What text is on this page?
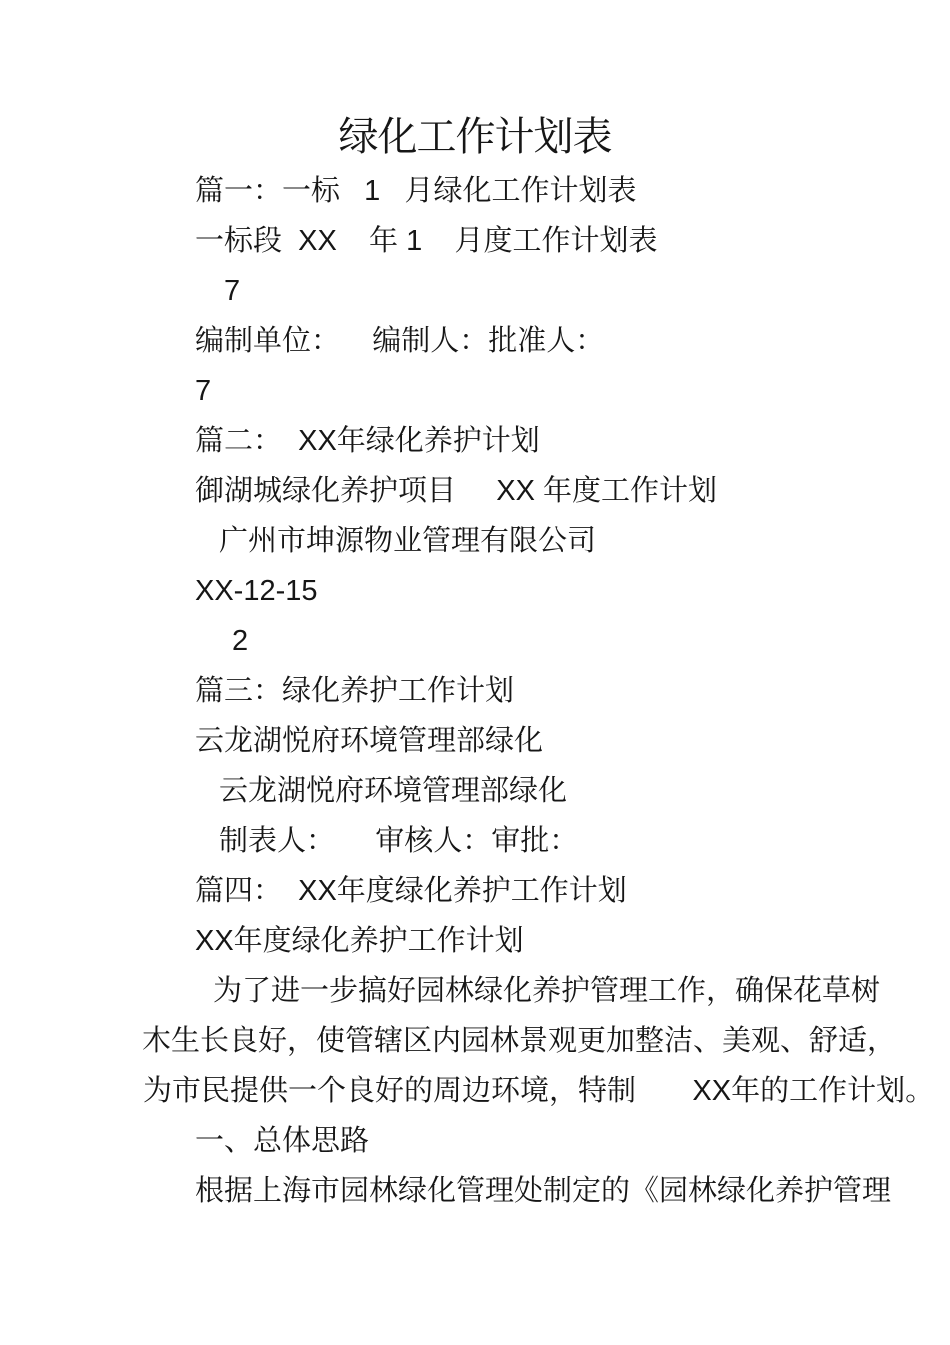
绿化工作计划表
篇一：一标   1   月绿化工作计划表
一标段  XX    年 1    月度工作计划表
7
编制单位：    编制人：批准人：
7
篇二：  XX年绿化养护计划
御湖城绿化养护项目     XX 年度工作计划
广州市坤源物业管理有限公司
XX-12-15
2
篇三：绿化养护工作计划
云龙湖悦府环境管理部绿化
云龙湖悦府环境管理部绿化
制表人：     审核人：审批：
篇四：  XX年度绿化养护工作计划
XX年度绿化养护工作计划
为了进一步搞好园林绿化养护管理工作，确保花草树
木生长良好，使管辖区内园林景观更加整洁、美观、舒适，
为市民提供一个良好的周边环境，特制       XX年的工作计划。
一、总体思路
根据上海市园林绿化管理处制定的《园林绿化养护管理
